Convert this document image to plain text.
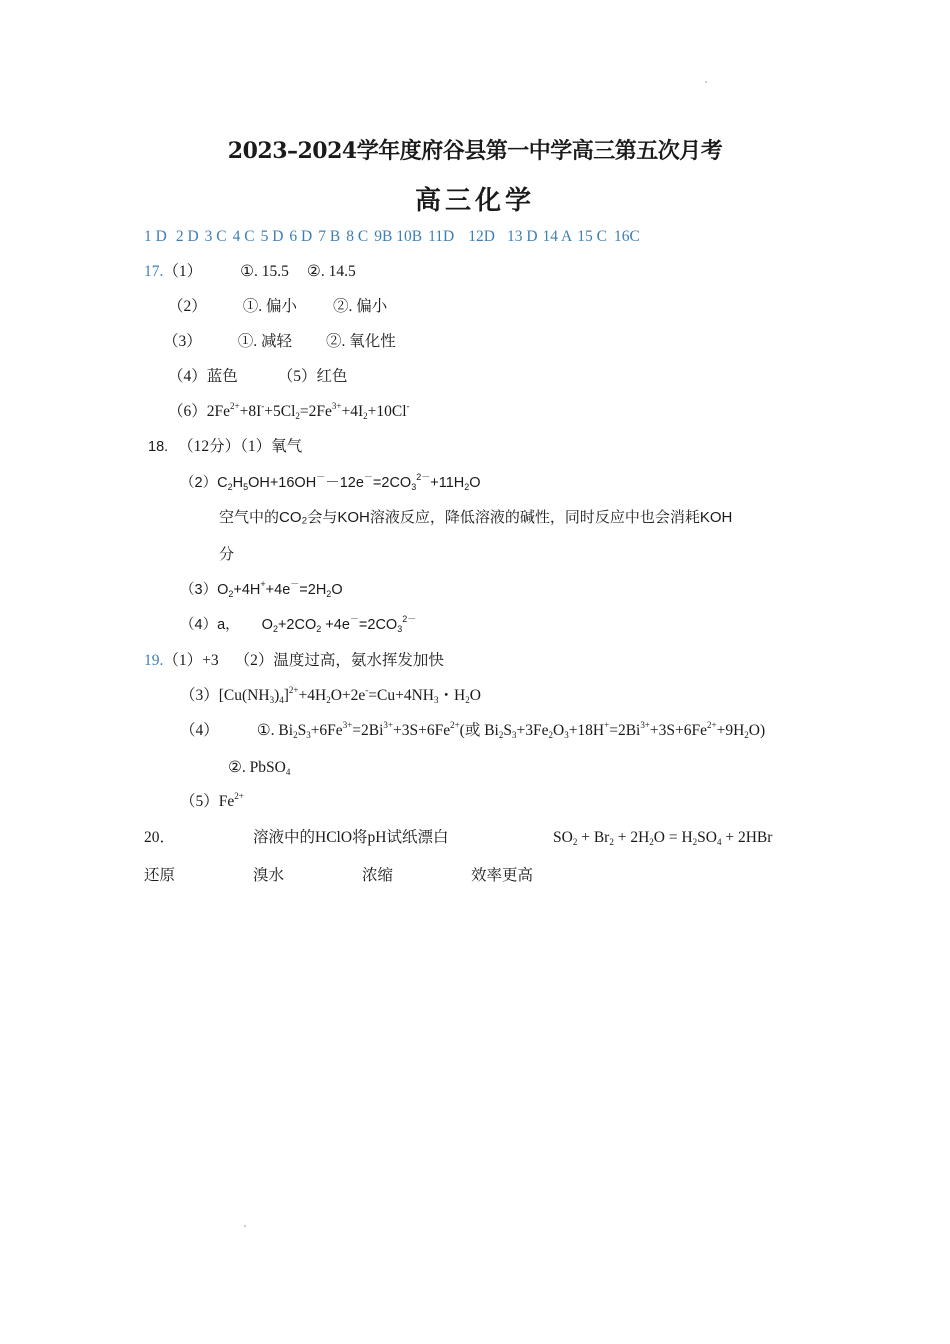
2023–2024学年度府谷县第一中学高三第五次月考
高三化学
1 D 2 D 3 C 4 C 5 D 6 D 7 B 8 C 9B 10B 11D 12D 13 D 14 A 15 C 16C
17.（1） ①. 15.5 ②. 14.5
（2） ①. 偏小 ②. 偏小
（3） ①. 减轻 ②. 氧化性
（4）蓝色	（5）红色
$(6)2Fe^{2+}+8I^-+5Cl_2=2Fe^{3+}+4I_2+10Cl^-$
18. （12分）（1）氧气
$(2)C_2H_5OH+16OH^--12e^-=2CO_3^{2-}+11H_2O$
空气中的CO₂会与KOH溶液反应，降低溶液的碱性，同时反应中也会消耗KOH
分
$(3)O_2+4H^++4e^-=2H_2O$
（4）a， $O_2+2CO_2 +4e^-=2CO_3^{2-}$
19.（1）+3 （2）温度过高，氨水挥发加快
$(3)[Cu(NH_3)_4]^{2+}+4H_2O+2e^-=Cu+4NH_3$・$H_2O$
（4） ①. $Bi_2S_3+6Fe^{3+}=2Bi^{3+}+3S+6Fe^{2+}$(或 $Bi_2S_3+3Fe_2O_3+18H^+=2Bi^{3+}+3S+6Fe^{2+}+9H_2O$)
②. PbSO$_4$
$(5)Fe^{2+}$
20．	溶液中的HClO将pH试纸漂白	$SO_2 + Br_2 + 2H_2O = H_2SO_4 + 2HBr$
还原	溴水	浓缩	效率更高
